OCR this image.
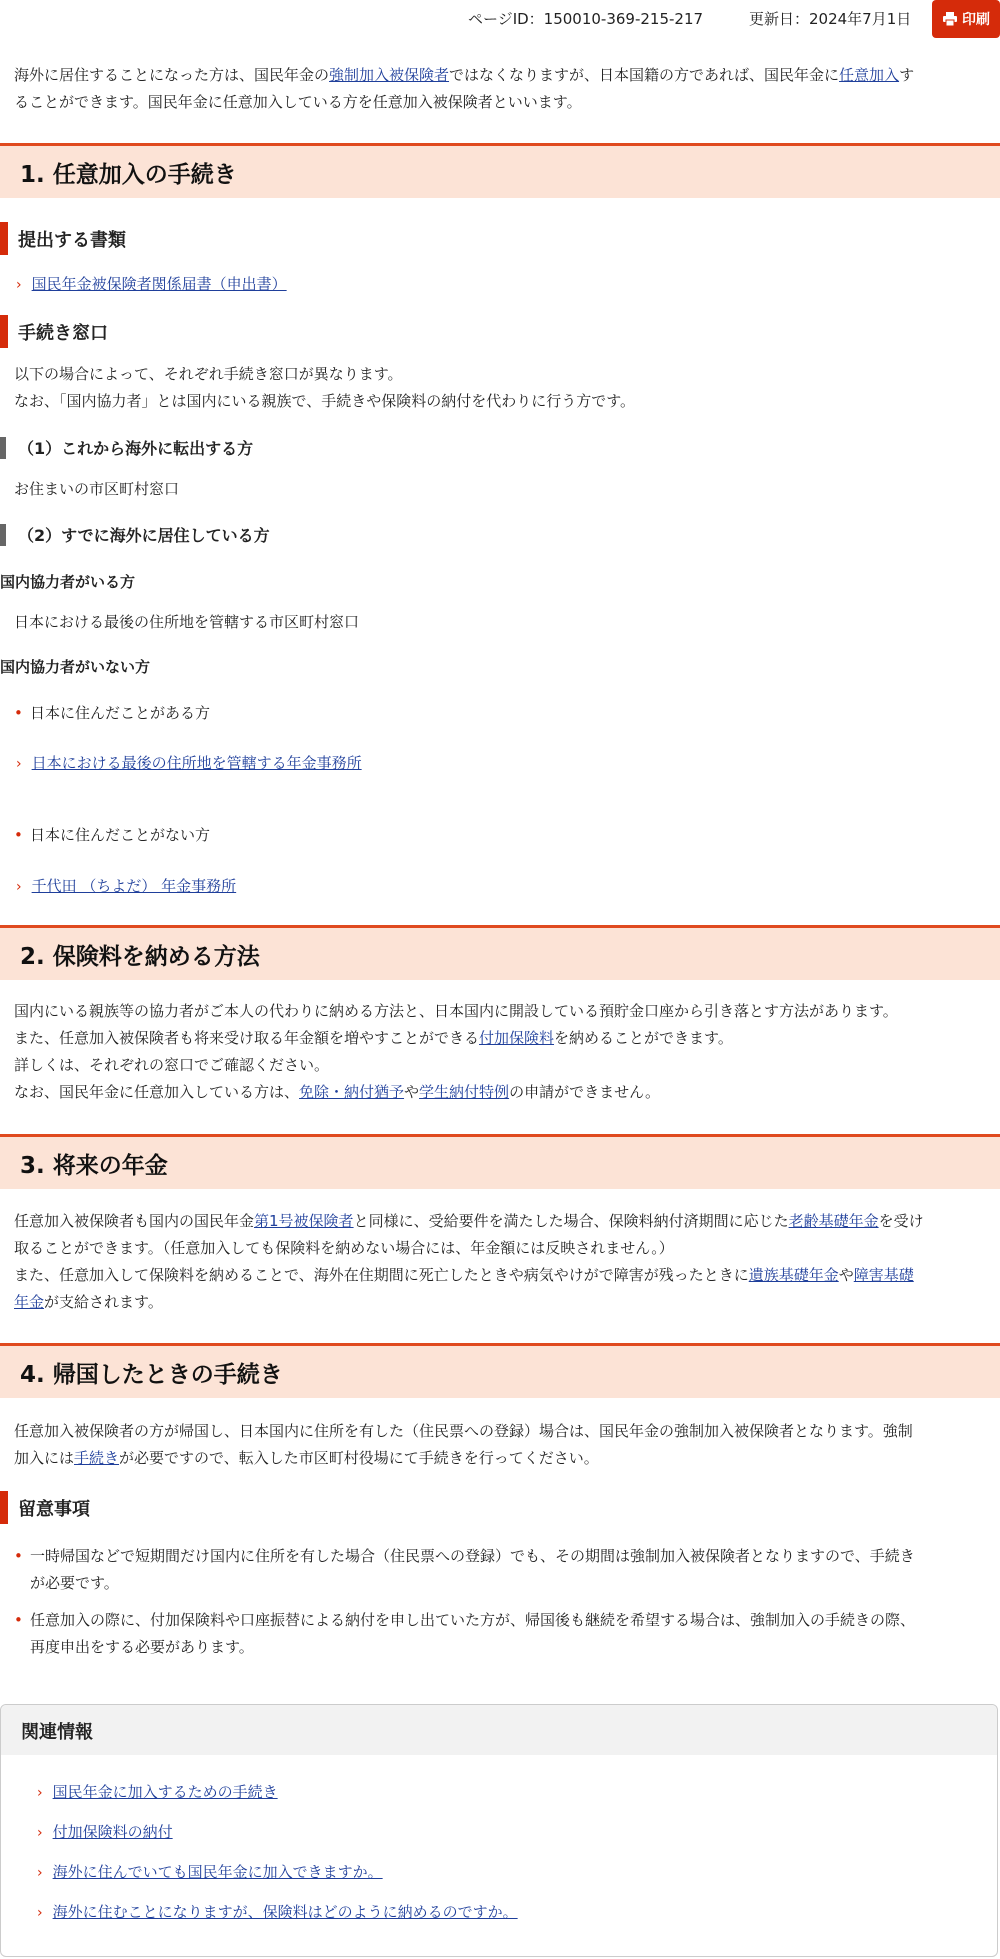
ページID：150010-369-215-217	更新日：2024年7月1日	印刷

海外に居住することになった方は、国民年金の強制加入被保険者ではなくなりますが、日本国籍の方であれば、国民年金に任意加入す

ることができます。国民年金に任意加入している方を任意加入被保険者といいます。

1. 任意加入の手続き
提出する書類
› 国民年金被保険者関係届書（申出書）
手続き窓口

以下の場合によって、それぞれ手続き窓口が異なります。

なお、「国内協力者」とは国内にいる親族で、手続きや保険料の納付を代わりに行う方です。

（1）これから海外に転出する方

お住まいの市区町村窓口

（2）すでに海外に居住している方
国内協力者がいる方

日本における最後の住所地を管轄する市区町村窓口

国内協力者がいない方
• 日本に住んだことがある方
› 日本における最後の住所地を管轄する年金事務所
• 日本に住んだことがない方
› 千代田 （ちよだ） 年金事務所
2. 保険料を納める方法

国内にいる親族等の協力者がご本人の代わりに納める方法と、日本国内に開設している預貯金口座から引き落とす方法があります。

また、任意加入被保険者も将来受け取る年金額を増やすことができる付加保険料を納めることができます。

詳しくは、それぞれの窓口でご確認ください。

なお、国民年金に任意加入している方は、免除・納付猶予や学生納付特例の申請ができません。

3. 将来の年金

任意加入被保険者も国内の国民年金第1号被保険者と同様に、受給要件を満たした場合、保険料納付済期間に応じた老齢基礎年金を受け

取ることができます。（任意加入しても保険料を納めない場合には、年金額には反映されません。）

また、任意加入して保険料を納めることで、海外在住期間に死亡したときや病気やけがで障害が残ったときに遺族基礎年金や障害基礎

年金が支給されます。

4. 帰国したときの手続き

任意加入被保険者の方が帰国し、日本国内に住所を有した（住民票への登録）場合は、国民年金の強制加入被保険者となります。強制

加入には手続きが必要ですので、転入した市区町村役場にて手続きを行ってください。

留意事項
• 一時帰国などで短期間だけ国内に住所を有した場合（住民票への登録）でも、その期間は強制加入被保険者となりますので、手続き
が必要です。
• 任意加入の際に、付加保険料や口座振替による納付を申し出ていた方が、帰国後も継続を希望する場合は、強制加入の手続きの際、
再度申出をする必要があります。
関連情報
› 国民年金に加入するための手続き
› 付加保険料の納付
› 海外に住んでいても国民年金に加入できますか。
› 海外に住むことになりますが、保険料はどのように納めるのですか。
